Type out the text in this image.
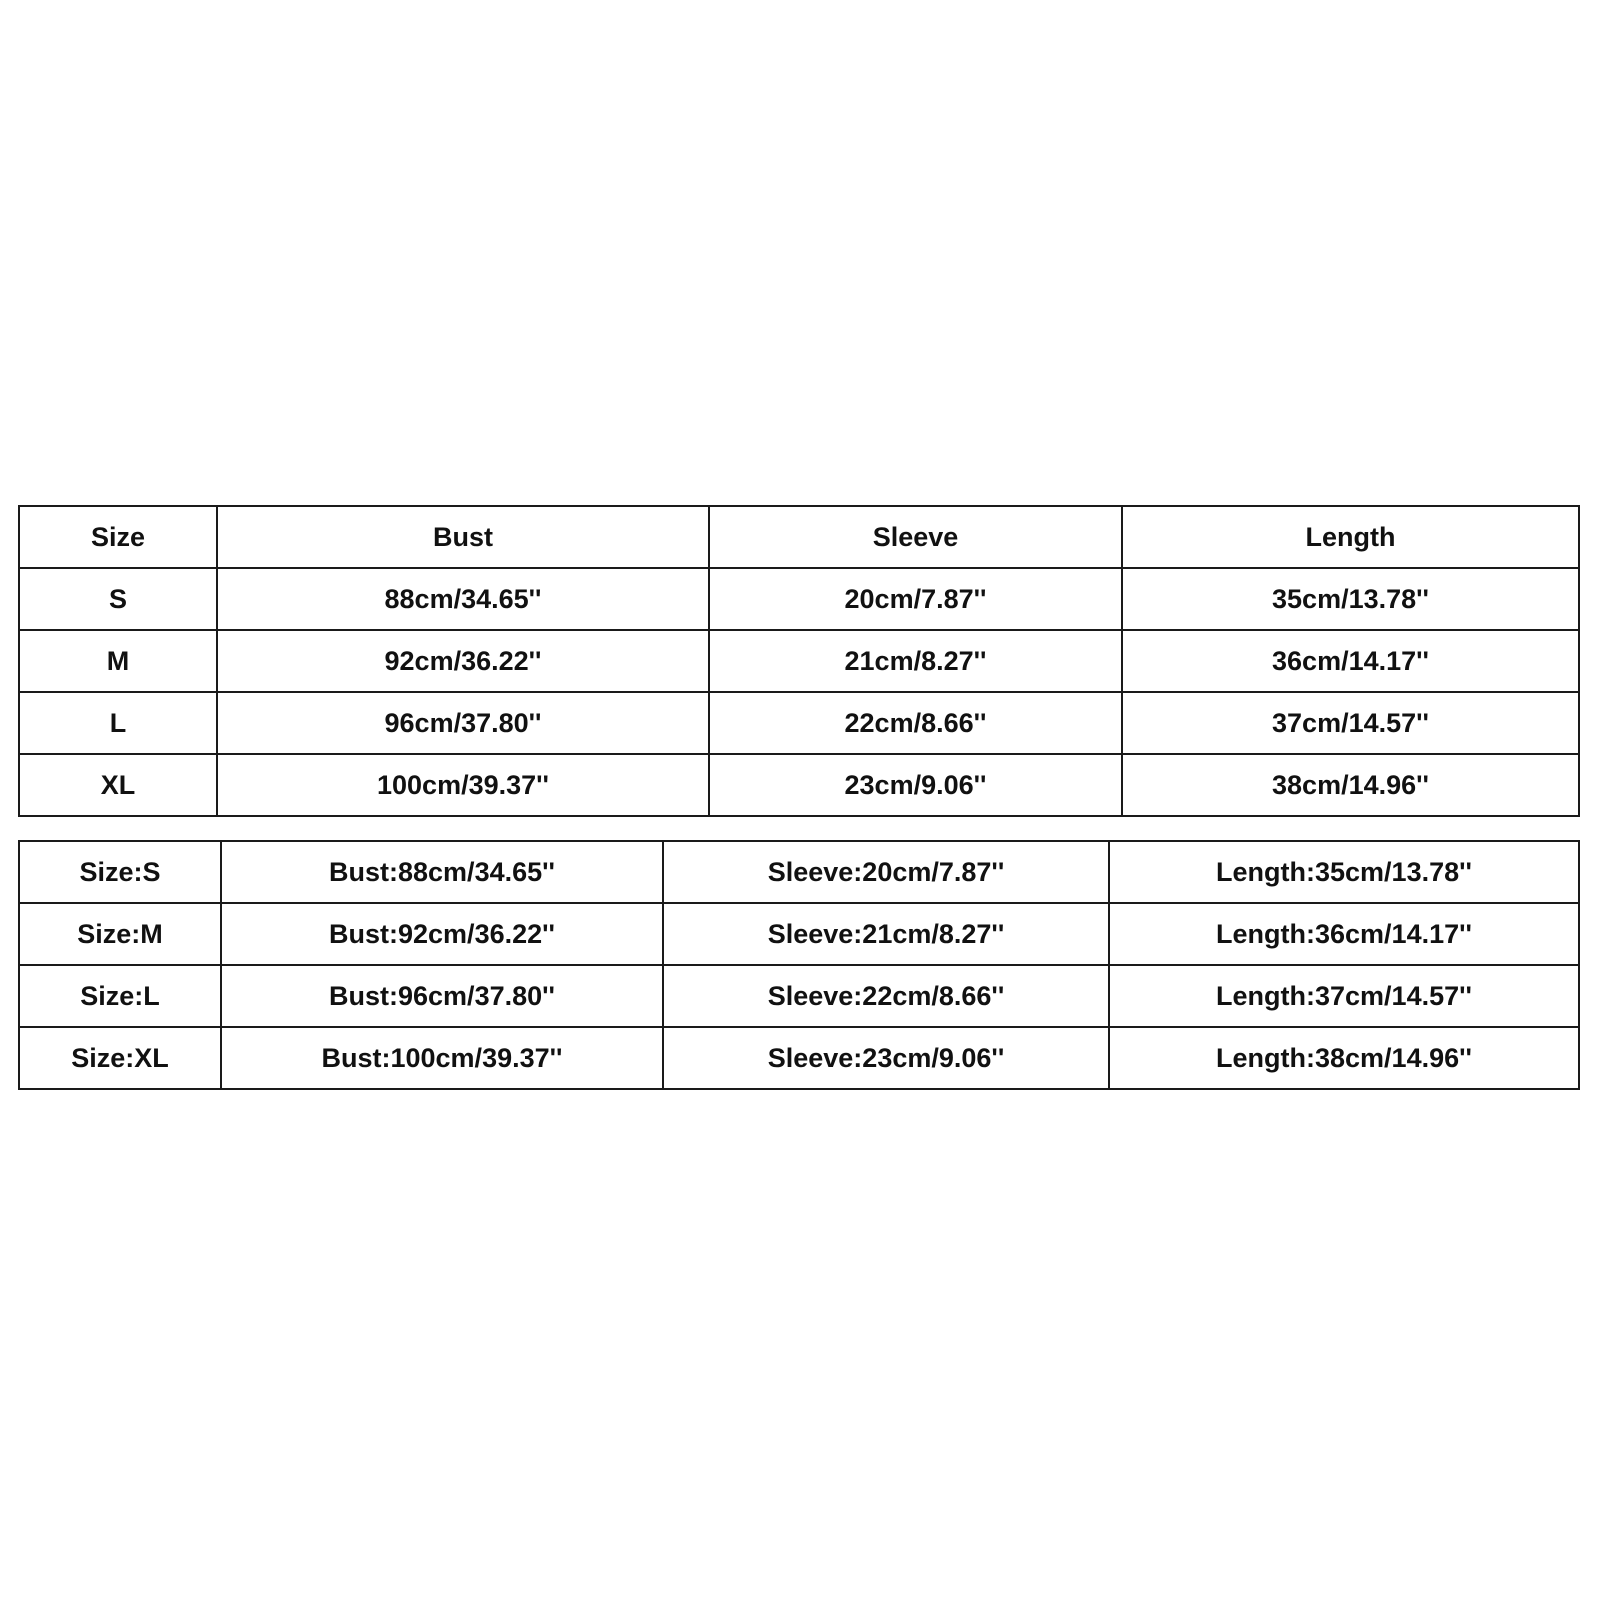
Size	Bust	Sleeve	Length
S	88cm/34.65''	20cm/7.87''	35cm/13.78''
M	92cm/36.22''	21cm/8.27''	36cm/14.17''
L	96cm/37.80''	22cm/8.66''	37cm/14.57''
XL	100cm/39.37''	23cm/9.06''	38cm/14.96''
Size:S	Bust:88cm/34.65''	Sleeve:20cm/7.87''	Length:35cm/13.78''
Size:M	Bust:92cm/36.22''	Sleeve:21cm/8.27''	Length:36cm/14.17''
Size:L	Bust:96cm/37.80''	Sleeve:22cm/8.66''	Length:37cm/14.57''
Size:XL	Bust:100cm/39.37''	Sleeve:23cm/9.06''	Length:38cm/14.96''
